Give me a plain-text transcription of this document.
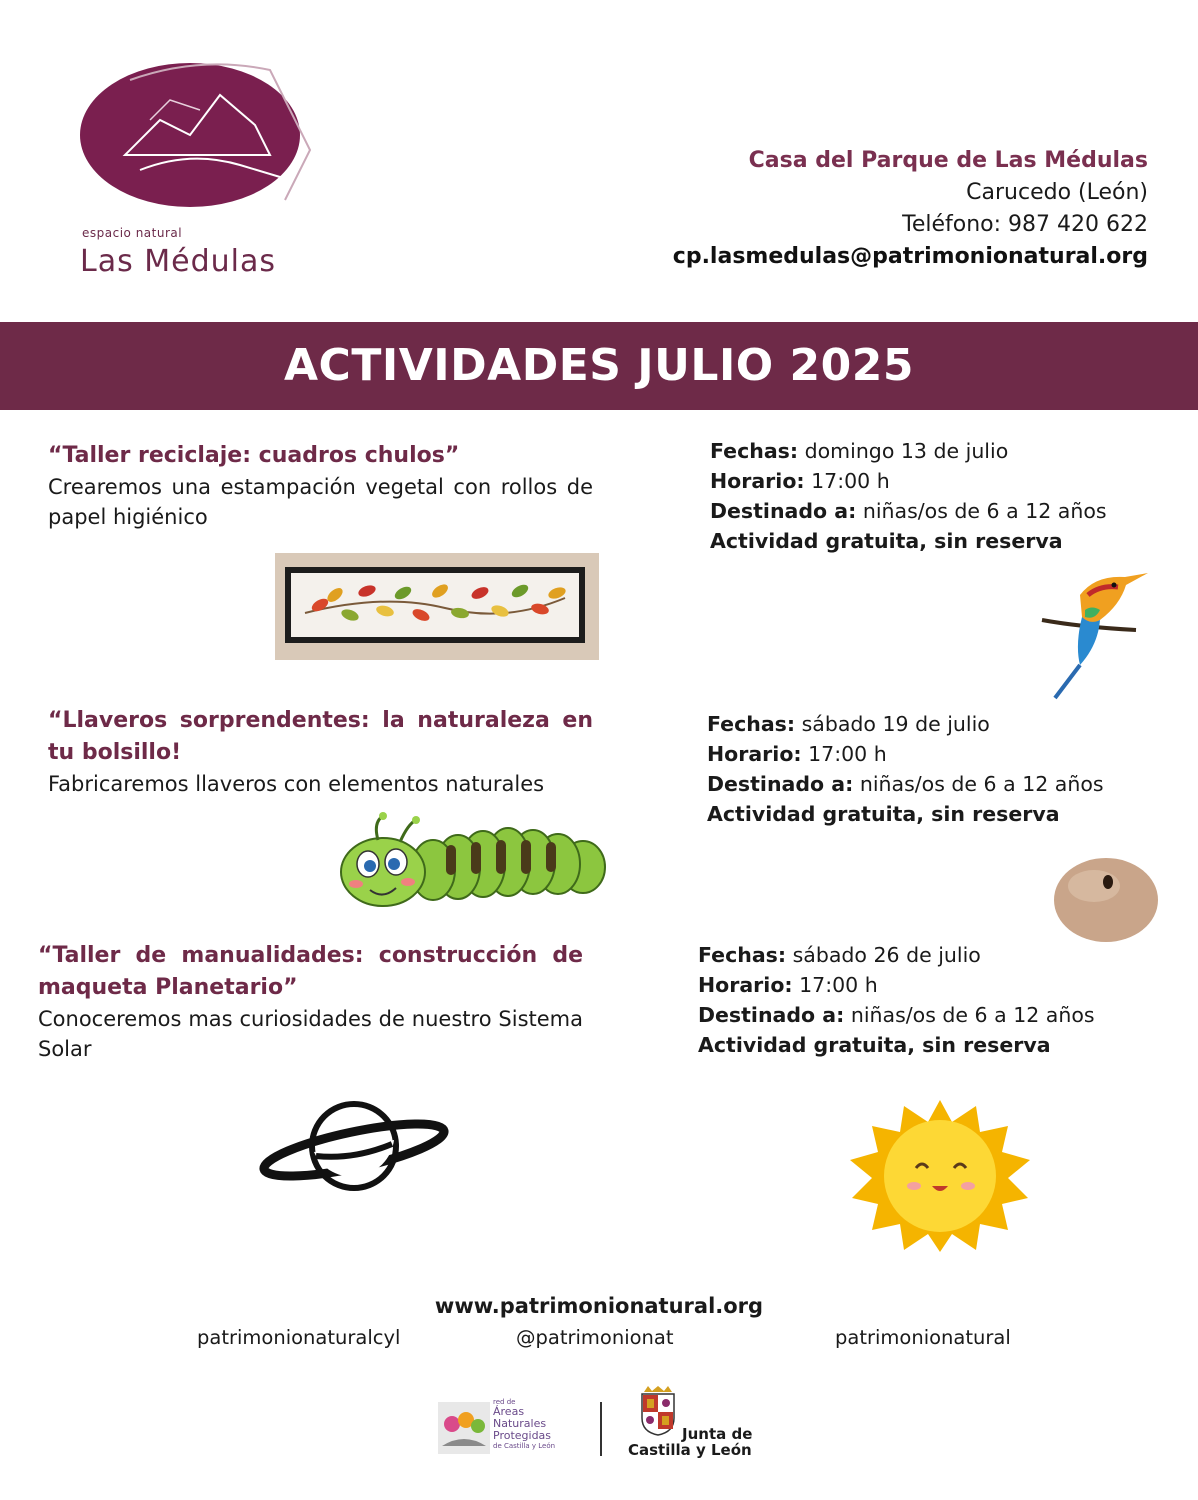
espacio natural
Las Médulas
Casa del Parque de Las Médulas
Carucedo (León)
Teléfono: 987 420 622
cp.lasmedulas@patrimonionatural.org
ACTIVIDADES JULIO 2025
“Taller reciclaje: cuadros chulos”
Crearemos una estampación vegetal con rollos de papel higiénico
Fechas: domingo 13 de julio
Horario: 17:00 h
Destinado a: niñas/os de 6 a 12 años
Actividad gratuita, sin reserva
“Llaveros sorprendentes: la naturaleza en tu bolsillo!
Fabricaremos llaveros con elementos naturales
Fechas: sábado 19 de julio
Horario: 17:00 h
Destinado a: niñas/os de 6 a 12 años
Actividad gratuita, sin reserva
“Taller de manualidades: construcción de maqueta Planetario”
Conoceremos mas curiosidades de nuestro Sistema Solar
Fechas: sábado 26 de julio
Horario: 17:00 h
Destinado a: niñas/os de 6 a 12 años
Actividad gratuita, sin reserva
www.patrimonionatural.org
patrimonionaturalcyl	@patrimonionat	patrimonionatural
red de
Áreas
Naturales
Protegidas
de Castilla y León
Junta de
Castilla y León
